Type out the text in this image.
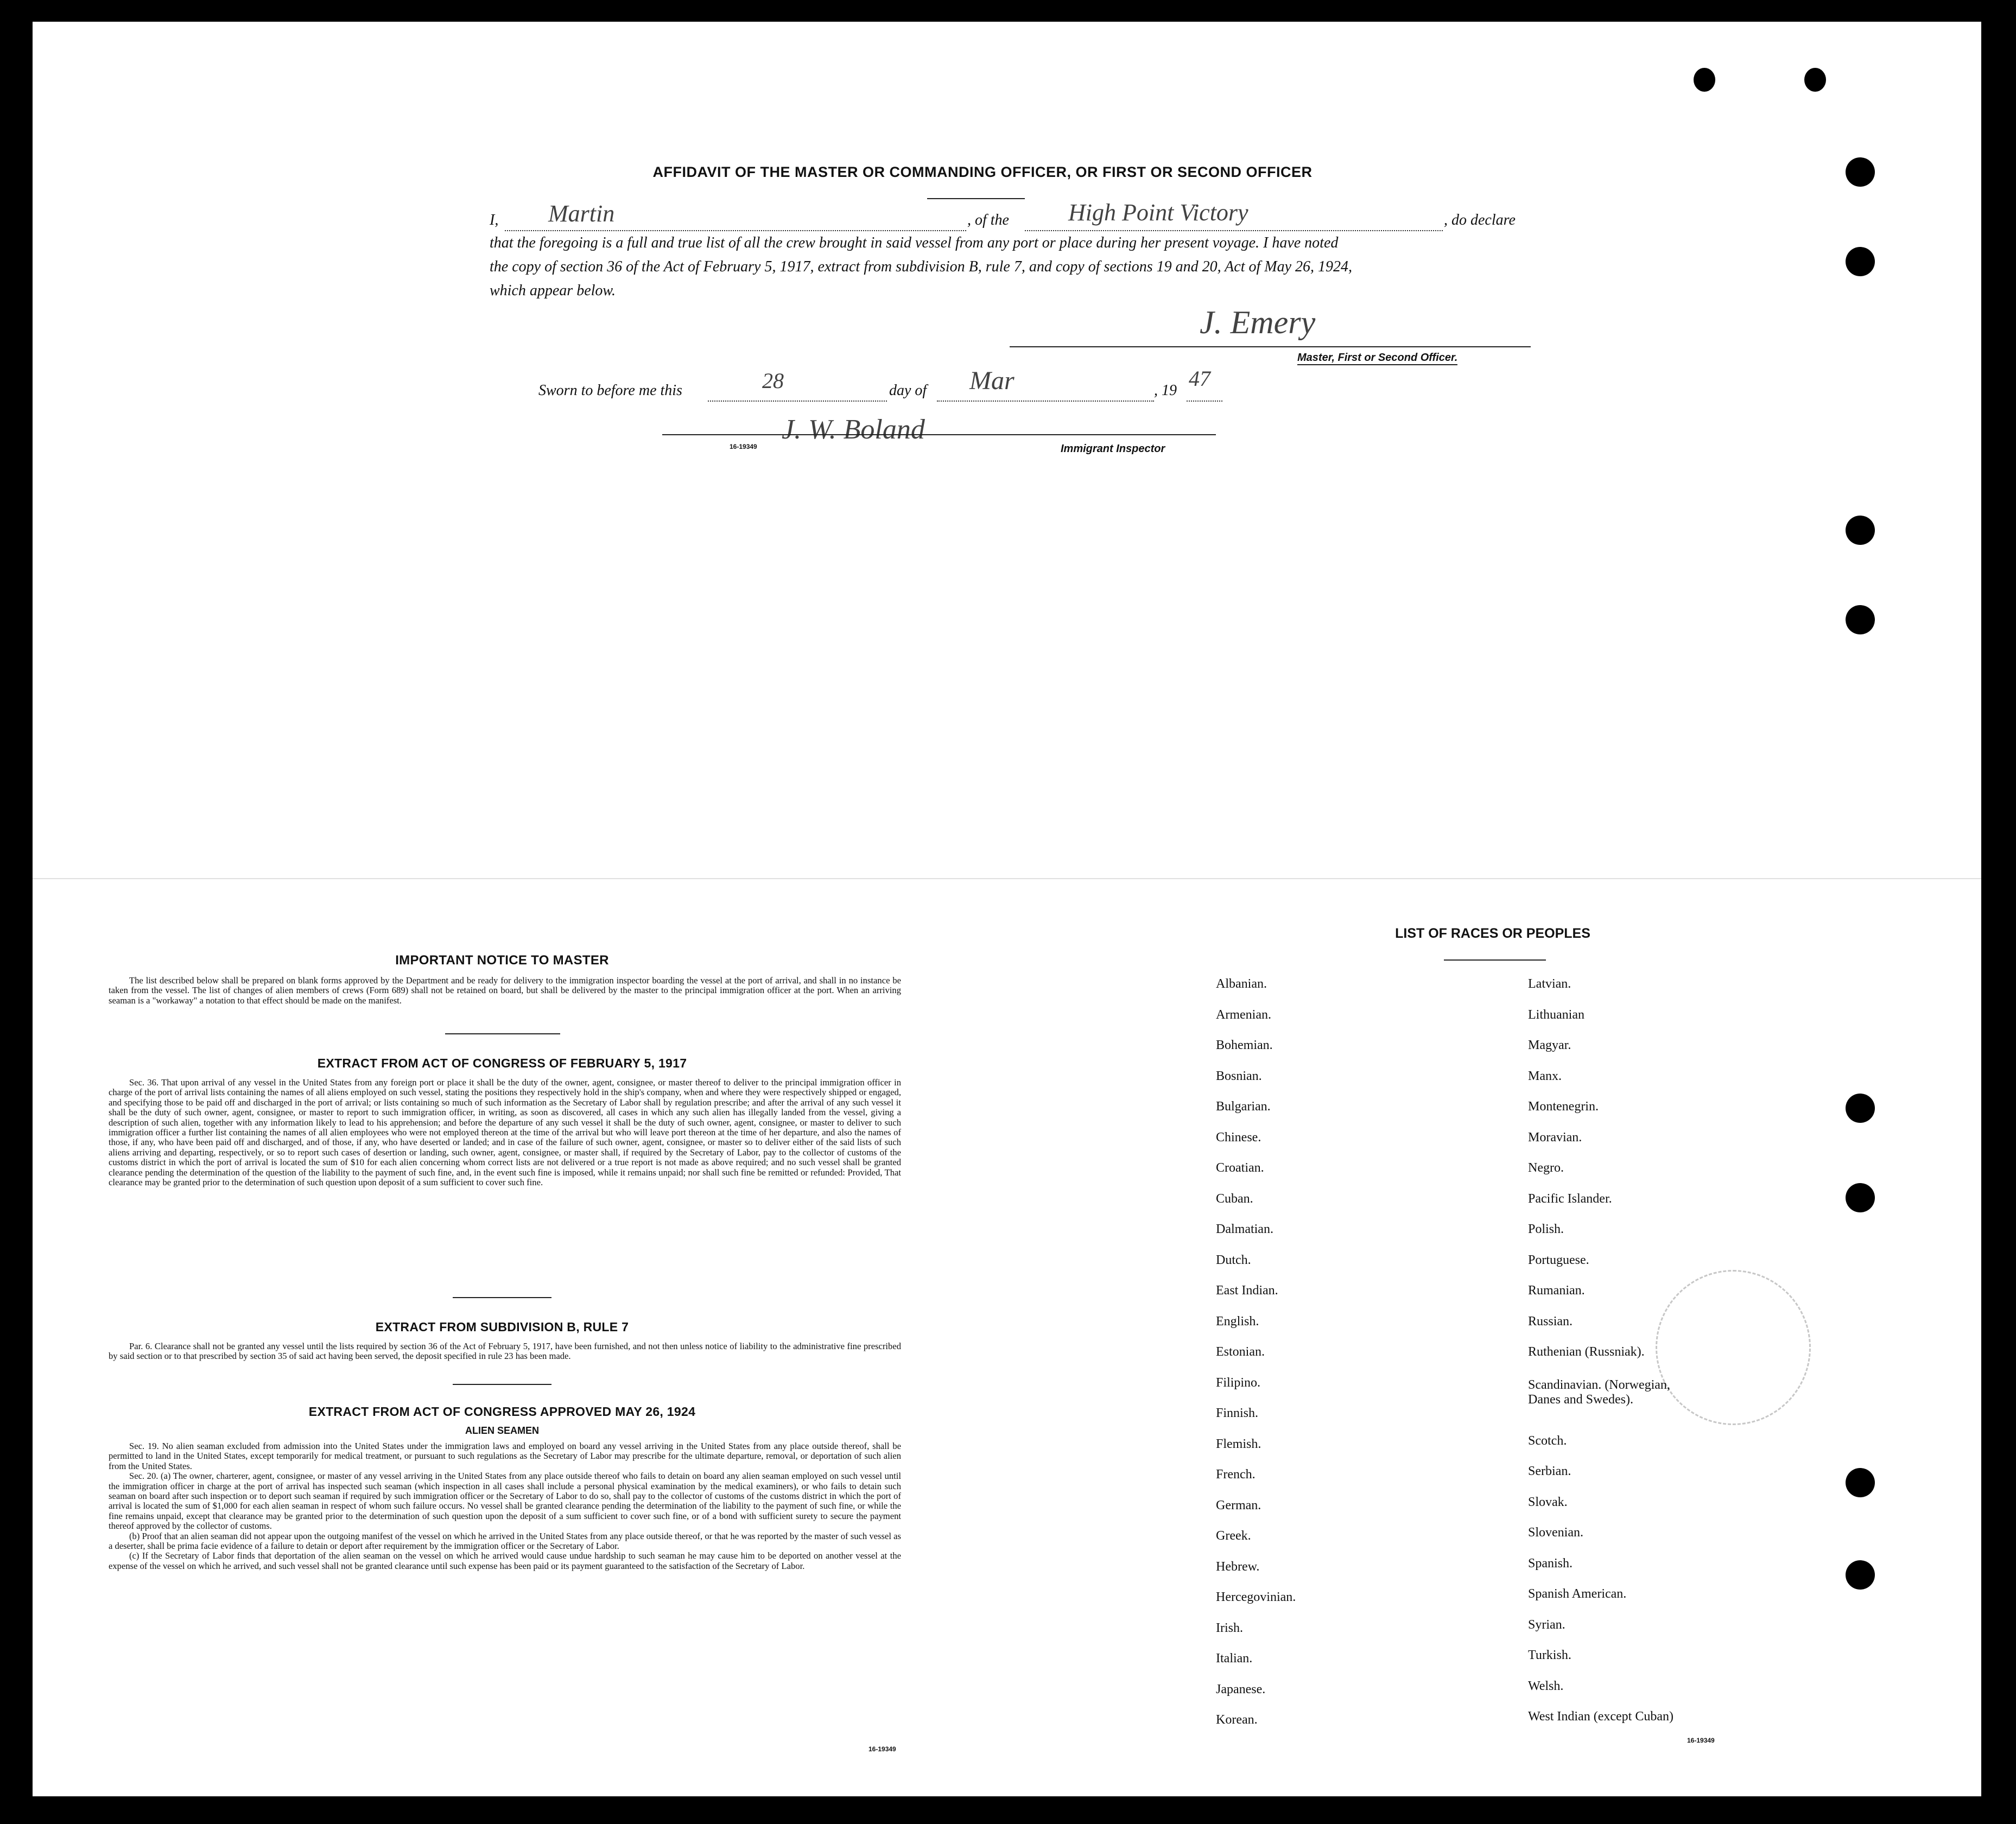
AFFIDAVIT OF THE MASTER OR COMMANDING OFFICER, OR FIRST OR SECOND OFFICER
I, Martin	, of the High Point Victory	, do declare
that the foregoing is a full and true list of all the crew brought in said vessel from any port or place during her present voyage. I have noted
the copy of section 36 of the Act of February 5, 1917, extract from subdivision B, rule 7, and copy of sections 19 and 20, Act of May 26, 1924,
which appear below.
J. Emery
Master, First or Second Officer.
Sworn to before me this	28	day of Mar	, 19 47
J. W. Boland
16-19349	Immigrant Inspector
IMPORTANT NOTICE TO MASTER

The list described below shall be prepared on blank forms approved by the Department and be ready for delivery to the immigration inspector boarding the vessel at the port of arrival, and shall in no instance be taken from the vessel. The list of changes of alien members of crews (Form 689) shall not be retained on board, but shall be delivered by the master to the principal immigration officer at the port. When an arriving seaman is a "workaway" a notation to that effect should be made on the manifest.

EXTRACT FROM ACT OF CONGRESS OF FEBRUARY 5, 1917

Sec. 36. That upon arrival of any vessel in the United States from any foreign port or place it shall be the duty of the owner, agent, consignee, or master thereof to deliver to the principal immigration officer in charge of the port of arrival lists containing the names of all aliens employed on such vessel, stating the positions they respectively hold in the ship's company, when and where they were respectively shipped or engaged, and specifying those to be paid off and discharged in the port of arrival; or lists containing so much of such information as the Secretary of Labor shall by regulation prescribe; and after the arrival of any such vessel it shall be the duty of such owner, agent, consignee, or master to report to such immigration officer, in writing, as soon as discovered, all cases in which any such alien has illegally landed from the vessel, giving a description of such alien, together with any information likely to lead to his apprehension; and before the departure of any such vessel it shall be the duty of such owner, agent, consignee, or master to deliver to such immigration officer a further list containing the names of all alien employees who were not employed thereon at the time of the arrival but who will leave port thereon at the time of her departure, and also the names of those, if any, who have been paid off and discharged, and of those, if any, who have deserted or landed; and in case of the failure of such owner, agent, consignee, or master so to deliver either of the said lists of such aliens arriving and departing, respectively, or so to report such cases of desertion or landing, such owner, agent, consignee, or master shall, if required by the Secretary of Labor, pay to the collector of customs of the customs district in which the port of arrival is located the sum of $10 for each alien concerning whom correct lists are not delivered or a true report is not made as above required; and no such vessel shall be granted clearance pending the determination of the question of the liability to the payment of such fine, and, in the event such fine is imposed, while it remains unpaid; nor shall such fine be remitted or refunded: Provided, That clearance may be granted prior to the determination of such question upon deposit of a sum sufficient to cover such fine.

EXTRACT FROM SUBDIVISION B, RULE 7

Par. 6. Clearance shall not be granted any vessel until the lists required by section 36 of the Act of February 5, 1917, have been furnished, and not then unless notice of liability to the administrative fine prescribed by said section or to that prescribed by section 35 of said act having been served, the deposit specified in rule 23 has been made.

EXTRACT FROM ACT OF CONGRESS APPROVED MAY 26, 1924
ALIEN SEAMEN

Sec. 19. No alien seaman excluded from admission into the United States under the immigration laws and employed on board any vessel arriving in the United States from any place outside thereof, shall be permitted to land in the United States, except temporarily for medical treatment, or pursuant to such regulations as the Secretary of Labor may prescribe for the ultimate departure, removal, or deportation of such alien from the United States.

Sec. 20. (a) The owner, charterer, agent, consignee, or master of any vessel arriving in the United States from any place outside thereof who fails to detain on board any alien seaman employed on such vessel until the immigration officer in charge at the port of arrival has inspected such seaman (which inspection in all cases shall include a personal physical examination by the medical examiners), or who fails to detain such seaman on board after such inspection or to deport such seaman if required by such immigration officer or the Secretary of Labor to do so, shall pay to the collector of customs of the customs district in which the port of arrival is located the sum of $1,000 for each alien seaman in respect of whom such failure occurs. No vessel shall be granted clearance pending the determination of the liability to the payment of such fine, or while the fine remains unpaid, except that clearance may be granted prior to the determination of such question upon the deposit of a sum sufficient to cover such fine, or of a bond with sufficient surety to secure the payment thereof approved by the collector of customs.

(b) Proof that an alien seaman did not appear upon the outgoing manifest of the vessel on which he arrived in the United States from any place outside thereof, or that he was reported by the master of such vessel as a deserter, shall be prima facie evidence of a failure to detain or deport after requirement by the immigration officer or the Secretary of Labor.

(c) If the Secretary of Labor finds that deportation of the alien seaman on the vessel on which he arrived would cause undue hardship to such seaman he may cause him to be deported on another vessel at the expense of the vessel on which he arrived, and such vessel shall not be granted clearance until such expense has been paid or its payment guaranteed to the satisfaction of the Secretary of Labor.

16-19349
LIST OF RACES OR PEOPLES
Danes and Swedes).
16-19349
Albanian.
Armenian.
Bohemian.
Bosnian.
Bulgarian.
Chinese.
Croatian.
Cuban.
Dalmatian.
Dutch.
East Indian.
English.
Estonian.
Filipino.
Finnish.
Flemish.
French.
German.
Greek.
Hebrew.
Hercegovinian.
Irish.
Italian.
Japanese.
Korean.
Latvian.
Lithuanian
Magyar.
Manx.
Montenegrin.
Moravian.
Negro.
Pacific Islander.
Polish.
Portuguese.
Rumanian.
Russian.
Ruthenian (Russniak).
Scandinavian. (Norwegian,
Scotch.
Serbian.
Slovak.
Slovenian.
Spanish.
Spanish American.
Syrian.
Turkish.
Welsh.
West Indian (except Cuban)
